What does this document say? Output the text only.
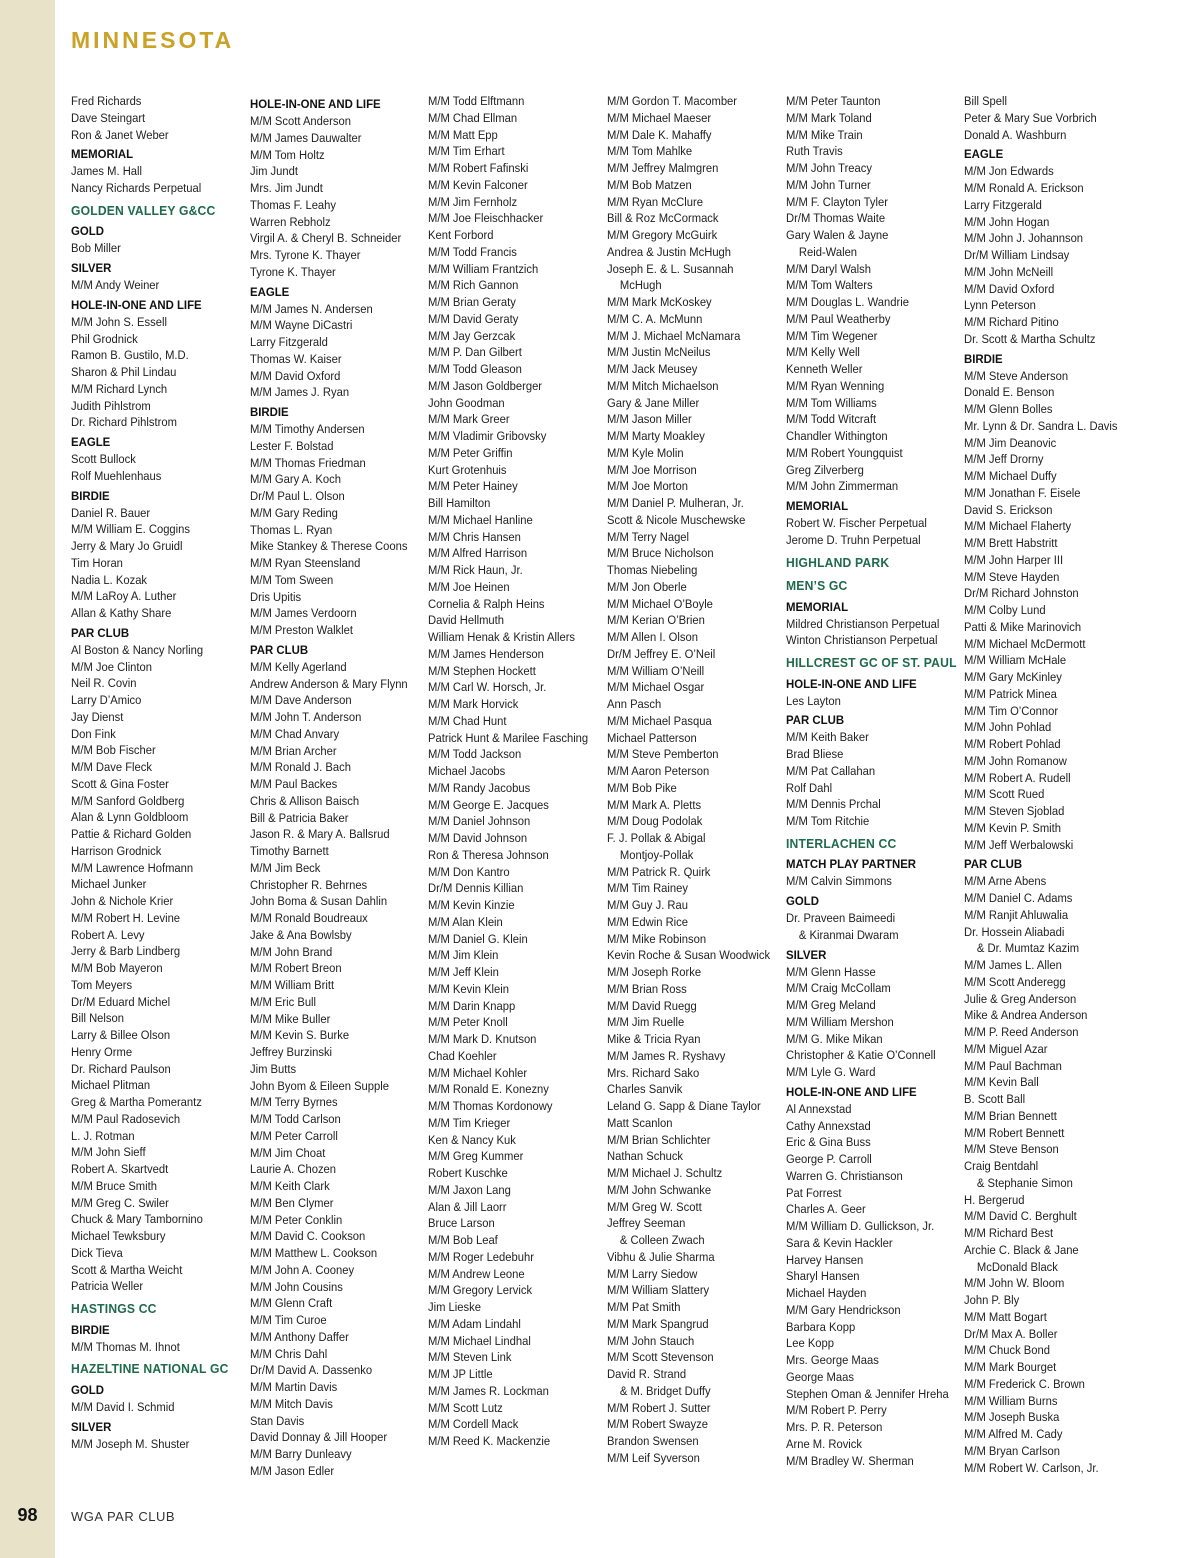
98
MINNESOTA
Fred Richards
Dave Steingart
Ron & Janet Weber
MEMORIAL
James M. Hall
Nancy Richards Perpetual
GOLDEN VALLEY G&CC
GOLD
Bob Miller
SILVER
M/M Andy Weiner
HOLE-IN-ONE AND LIFE
M/M John S. Essell
Phil Grodnick
Ramon B. Gustilo, M.D.
Sharon & Phil Lindau
M/M Richard Lynch
Judith Pihlstrom
Dr. Richard Pihlstrom
EAGLE
Scott Bullock
Rolf Muehlenhaus
BIRDIE
Daniel R. Bauer
M/M William E. Coggins
Jerry & Mary Jo Gruidl
Tim Horan
Nadia L. Kozak
M/M LaRoy A. Luther
Allan & Kathy Share
PAR CLUB
Al Boston & Nancy Norling
M/M Joe Clinton
Neil R. Covin
Larry D’Amico
Jay Dienst
Don Fink
M/M Bob Fischer
M/M Dave Fleck
Scott & Gina Foster
M/M Sanford Goldberg
Alan & Lynn Goldbloom
Pattie & Richard Golden
Harrison Grodnick
M/M Lawrence Hofmann
Michael Junker
John & Nichole Krier
M/M Robert H. Levine
Robert A. Levy
Jerry & Barb Lindberg
M/M Bob Mayeron
Tom Meyers
Dr/M Eduard Michel
Bill Nelson
Larry & Billee Olson
Henry Orme
Dr. Richard Paulson
Michael Plitman
Greg & Martha Pomerantz
M/M Paul Radosevich
L. J. Rotman
M/M John Sieff
Robert A. Skartvedt
M/M Bruce Smith
M/M Greg C. Swiler
Chuck & Mary Tambornino
Michael Tewksbury
Dick Tieva
Scott & Martha Weicht
Patricia Weller
HASTINGS CC
BIRDIE
M/M Thomas M. Ihnot
HAZELTINE NATIONAL GC
GOLD
M/M David I. Schmid
SILVER
M/M Joseph M. Shuster
HOLE-IN-ONE AND LIFE
M/M Scott Anderson
M/M James Dauwalter
M/M Tom Holtz
Jim Jundt
Mrs. Jim Jundt
Thomas F. Leahy
Warren Rebholz
Virgil A. & Cheryl B. Schneider
Mrs. Tyrone K. Thayer
Tyrone K. Thayer
EAGLE
M/M James N. Andersen
M/M Wayne DiCastri
Larry Fitzgerald
Thomas W. Kaiser
M/M David Oxford
M/M James J. Ryan
BIRDIE
M/M Timothy Andersen
Lester F. Bolstad
M/M Thomas Friedman
M/M Gary A. Koch
Dr/M Paul L. Olson
M/M Gary Reding
Thomas L. Ryan
Mike Stankey & Therese Coons
M/M Ryan Steensland
M/M Tom Sween
Dris Upitis
M/M James Verdoorn
M/M Preston Walklet
PAR CLUB
M/M Kelly Agerland
Andrew Anderson & Mary Flynn
M/M Dave Anderson
M/M John T. Anderson
M/M Chad Anvary
M/M Brian Archer
M/M Ronald J. Bach
M/M Paul Backes
Chris & Allison Baisch
Bill & Patricia Baker
Jason R. & Mary A. Ballsrud
Timothy Barnett
M/M Jim Beck
Christopher R. Behrnes
John Boma & Susan Dahlin
M/M Ronald Boudreaux
Jake & Ana Bowlsby
M/M John Brand
M/M Robert Breon
M/M William Britt
M/M Eric Bull
M/M Mike Buller
M/M Kevin S. Burke
Jeffrey Burzinski
Jim Butts
John Byom & Eileen Supple
M/M Terry Byrnes
M/M Todd Carlson
M/M Peter Carroll
M/M Jim Choat
Laurie A. Chozen
M/M Keith Clark
M/M Ben Clymer
M/M Peter Conklin
M/M David C. Cookson
M/M Matthew L. Cookson
M/M John A. Cooney
M/M John Cousins
M/M Glenn Craft
M/M Tim Curoe
M/M Anthony Daffer
M/M Chris Dahl
Dr/M David A. Dassenko
M/M Martin Davis
M/M Mitch Davis
Stan Davis
David Donnay & Jill Hooper
M/M Barry Dunleavy
M/M Jason Edler
M/M Todd Elftmann
M/M Chad Ellman
M/M Matt Epp
M/M Tim Erhart
M/M Robert Fafinski
M/M Kevin Falconer
M/M Jim Fernholz
M/M Joe Fleischhacker
Kent Forbord
M/M Todd Francis
M/M William Frantzich
M/M Rich Gannon
M/M Brian Geraty
M/M David Geraty
M/M Jay Gerzcak
M/M P. Dan Gilbert
M/M Todd Gleason
M/M Jason Goldberger
John Goodman
M/M Mark Greer
M/M Vladimir Gribovsky
M/M Peter Griffin
Kurt Grotenhuis
M/M Peter Hainey
Bill Hamilton
M/M Michael Hanline
M/M Chris Hansen
M/M Alfred Harrison
M/M Rick Haun, Jr.
M/M Joe Heinen
Cornelia & Ralph Heins
David Hellmuth
William Henak & Kristin Allers
M/M James Henderson
M/M Stephen Hockett
M/M Carl W. Horsch, Jr.
M/M Mark Horvick
M/M Chad Hunt
Patrick Hunt & Marilee Fasching
M/M Todd Jackson
Michael Jacobs
M/M Randy Jacobus
M/M George E. Jacques
M/M Daniel Johnson
M/M David Johnson
Ron & Theresa Johnson
M/M Don Kantro
Dr/M Dennis Killian
M/M Kevin Kinzie
M/M Alan Klein
M/M Daniel G. Klein
M/M Jim Klein
M/M Jeff Klein
M/M Kevin Klein
M/M Darin Knapp
M/M Peter Knoll
M/M Mark D. Knutson
Chad Koehler
M/M Michael Kohler
M/M Ronald E. Konezny
M/M Thomas Kordonowy
M/M Tim Krieger
Ken & Nancy Kuk
M/M Greg Kummer
Robert Kuschke
M/M Jaxon Lang
Alan & Jill Laorr
Bruce Larson
M/M Bob Leaf
M/M Roger Ledebuhr
M/M Andrew Leone
M/M Gregory Lervick
Jim Lieske
M/M Adam Lindahl
M/M Michael Lindhal
M/M Steven Link
M/M JP Little
M/M James R. Lockman
M/M Scott Lutz
M/M Cordell Mack
M/M Reed K. Mackenzie
M/M Gordon T. Macomber
M/M Michael Maeser
M/M Dale K. Mahaffy
M/M Tom Mahlke
M/M Jeffrey Malmgren
M/M Bob Matzen
M/M Ryan McClure
Bill & Roz McCormack
M/M Gregory McGuirk
Andrea & Justin McHugh
Joseph E. & L. Susannah
McHugh
M/M Mark McKoskey
M/M C. A. McMunn
M/M J. Michael McNamara
M/M Justin McNeilus
M/M Jack Meusey
M/M Mitch Michaelson
Gary & Jane Miller
M/M Jason Miller
M/M Marty Moakley
M/M Kyle Molin
M/M Joe Morrison
M/M Joe Morton
M/M Daniel P. Mulheran, Jr.
Scott & Nicole Muschewske
M/M Terry Nagel
M/M Bruce Nicholson
Thomas Niebeling
M/M Jon Oberle
M/M Michael O’Boyle
M/M Kerian O’Brien
M/M Allen I. Olson
Dr/M Jeffrey E. O’Neil
M/M William O’Neill
M/M Michael Osgar
Ann Pasch
M/M Michael Pasqua
Michael Patterson
M/M Steve Pemberton
M/M Aaron Peterson
M/M Bob Pike
M/M Mark A. Pletts
M/M Doug Podolak
F. J. Pollak & Abigal
Montjoy-Pollak
M/M Patrick R. Quirk
M/M Tim Rainey
M/M Guy J. Rau
M/M Edwin Rice
M/M Mike Robinson
Kevin Roche & Susan Woodwick
M/M Joseph Rorke
M/M Brian Ross
M/M David Ruegg
M/M Jim Ruelle
Mike & Tricia Ryan
M/M James R. Ryshavy
Mrs. Richard Sako
Charles Sanvik
Leland G. Sapp & Diane Taylor
Matt Scanlon
M/M Brian Schlichter
Nathan Schuck
M/M Michael J. Schultz
M/M John Schwanke
M/M Greg W. Scott
Jeffrey Seeman
& Colleen Zwach
Vibhu & Julie Sharma
M/M Larry Siedow
M/M William Slattery
M/M Pat Smith
M/M Mark Spangrud
M/M John Stauch
M/M Scott Stevenson
David R. Strand
& M. Bridget Duffy
M/M Robert J. Sutter
M/M Robert Swayze
Brandon Swensen
M/M Leif Syverson
M/M Peter Taunton
M/M Mark Toland
M/M Mike Train
Ruth Travis
M/M John Treacy
M/M John Turner
M/M F. Clayton Tyler
Dr/M Thomas Waite
Gary Walen & Jayne
Reid-Walen
M/M Daryl Walsh
M/M Tom Walters
M/M Douglas L. Wandrie
M/M Paul Weatherby
M/M Tim Wegener
M/M Kelly Well
Kenneth Weller
M/M Ryan Wenning
M/M Tom Williams
M/M Todd Witcraft
Chandler Withington
M/M Robert Youngquist
Greg Zilverberg
M/M John Zimmerman
MEMORIAL
Robert W. Fischer Perpetual
Jerome D. Truhn Perpetual
HIGHLAND PARK
MEN’S GC
MEMORIAL
Mildred Christianson Perpetual
Winton Christianson Perpetual
HILLCREST GC OF ST. PAUL
HOLE-IN-ONE AND LIFE
Les Layton
PAR CLUB
M/M Keith Baker
Brad Bliese
M/M Pat Callahan
Rolf Dahl
M/M Dennis Prchal
M/M Tom Ritchie
INTERLACHEN CC
MATCH PLAY PARTNER
M/M Calvin Simmons
GOLD
Dr. Praveen Baimeedi
& Kiranmai Dwaram
SILVER
M/M Glenn Hasse
M/M Craig McCollam
M/M Greg Meland
M/M William Mershon
M/M G. Mike Mikan
Christopher & Katie O’Connell
M/M Lyle G. Ward
HOLE-IN-ONE AND LIFE
Al Annexstad
Cathy Annexstad
Eric & Gina Buss
George P. Carroll
Warren G. Christianson
Pat Forrest
Charles A. Geer
M/M William D. Gullickson, Jr.
Sara & Kevin Hackler
Harvey Hansen
Sharyl Hansen
Michael Hayden
M/M Gary Hendrickson
Barbara Kopp
Lee Kopp
Mrs. George Maas
George Maas
Stephen Oman & Jennifer Hreha
M/M Robert P. Perry
Mrs. P. R. Peterson
Arne M. Rovick
M/M Bradley W. Sherman
Bill Spell
Peter & Mary Sue Vorbrich
Donald A. Washburn
EAGLE
M/M Jon Edwards
M/M Ronald A. Erickson
Larry Fitzgerald
M/M John Hogan
M/M John J. Johannson
Dr/M William Lindsay
M/M John McNeill
M/M David Oxford
Lynn Peterson
M/M Richard Pitino
Dr. Scott & Martha Schultz
BIRDIE
M/M Steve Anderson
Donald E. Benson
M/M Glenn Bolles
Mr. Lynn & Dr. Sandra L. Davis
M/M Jim Deanovic
M/M Jeff Drorny
M/M Michael Duffy
M/M Jonathan F. Eisele
David S. Erickson
M/M Michael Flaherty
M/M Brett Habstritt
M/M John Harper III
M/M Steve Hayden
Dr/M Richard Johnston
M/M Colby Lund
Patti & Mike Marinovich
M/M Michael McDermott
M/M William McHale
M/M Gary McKinley
M/M Patrick Minea
M/M Tim O’Connor
M/M John Pohlad
M/M Robert Pohlad
M/M John Romanow
M/M Robert A. Rudell
M/M Scott Rued
M/M Steven Sjoblad
M/M Kevin P. Smith
M/M Jeff Werbalowski
PAR CLUB
M/M Arne Abens
M/M Daniel C. Adams
M/M Ranjit Ahluwalia
Dr. Hossein Aliabadi
& Dr. Mumtaz Kazim
M/M James L. Allen
M/M Scott Anderegg
Julie & Greg Anderson
Mike & Andrea Anderson
M/M P. Reed Anderson
M/M Miguel Azar
M/M Paul Bachman
M/M Kevin Ball
B. Scott Ball
M/M Brian Bennett
M/M Robert Bennett
M/M Steve Benson
Craig Bentdahl
& Stephanie Simon
H. Bergerud
M/M David C. Berghult
M/M Richard Best
Archie C. Black & Jane
McDonald Black
M/M John W. Bloom
John P. Bly
M/M Matt Bogart
Dr/M Max A. Boller
M/M Chuck Bond
M/M Mark Bourget
M/M Frederick C. Brown
M/M William Burns
M/M Joseph Buska
M/M Alfred M. Cady
M/M Bryan Carlson
M/M Robert W. Carlson, Jr.
WGA PAR CLUB
